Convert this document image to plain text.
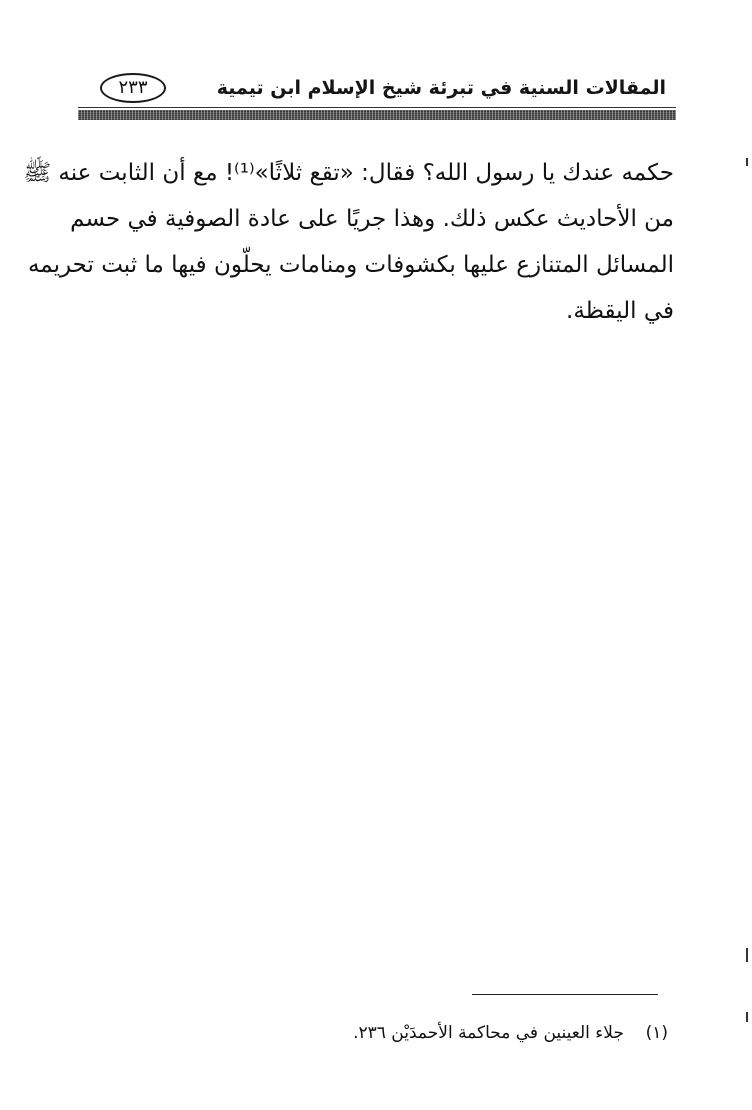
المقالات السنية في تبرئة شيخ الإسلام ابن تيمية
٢٣٣
حكمه عندك يا رسول الله؟ فقال: «تقع ثلاثًا»⁽¹⁾! مع أن الثابت عنه ﷺ
من الأحاديث عكس ذلك. وهذا جريًا على عادة الصوفية في حسم
المسائل المتنازع عليها بكشوفات ومنامات يحلّون فيها ما ثبت تحريمه
في اليقظة.
(١)    جلاء العينين في محاكمة الأحمدَيْن ٢٣٦.
